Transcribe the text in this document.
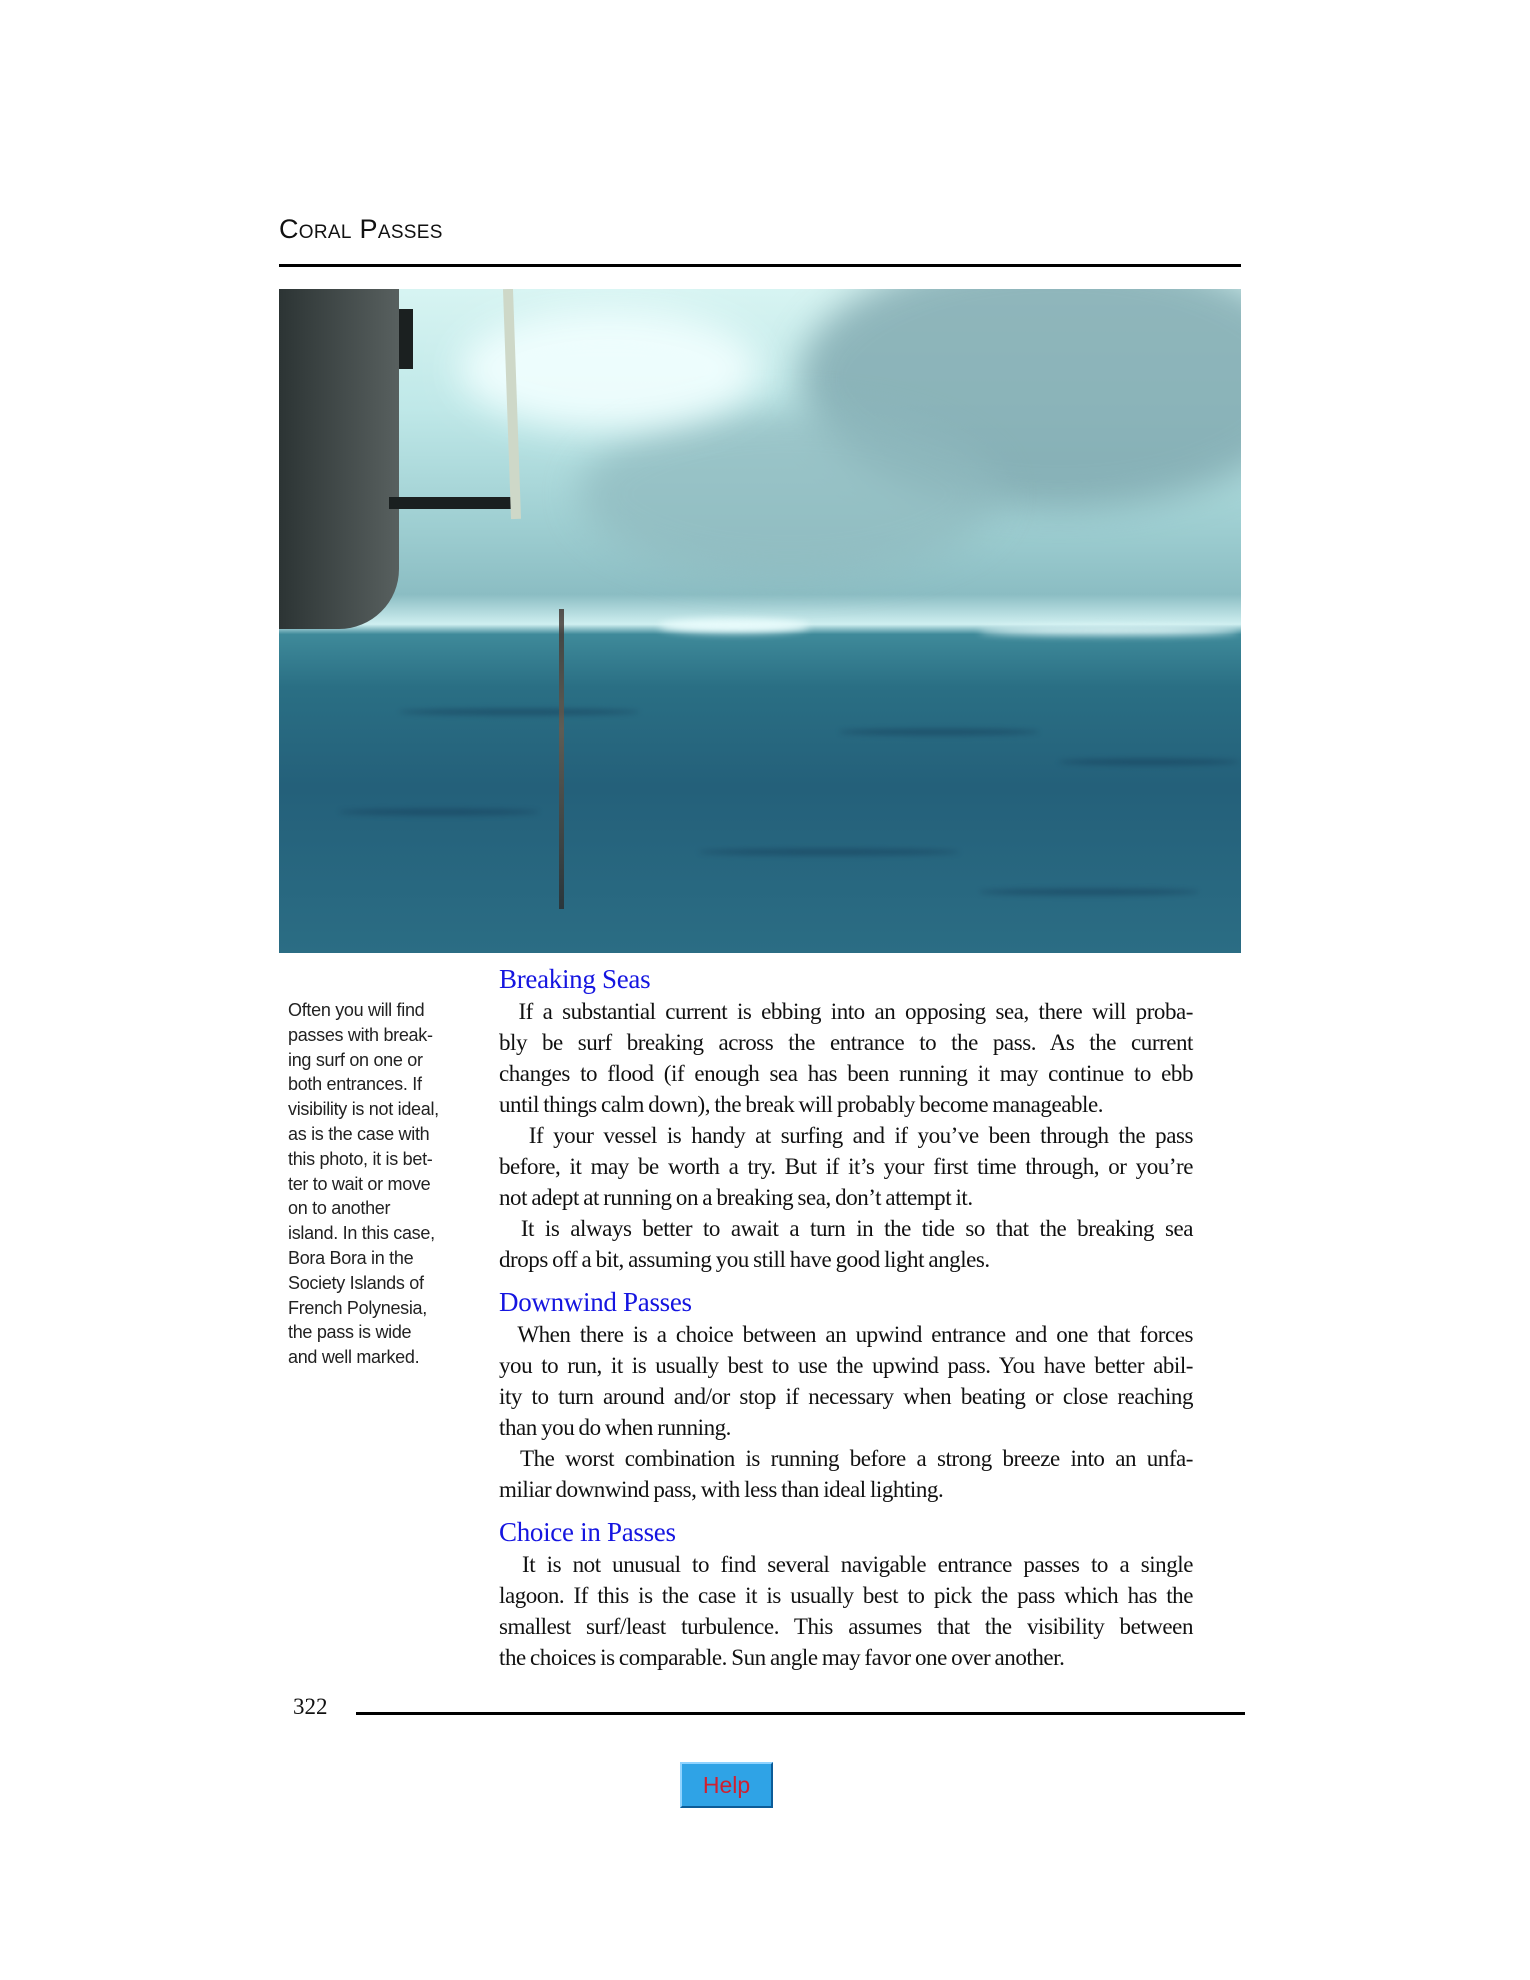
Coral Passes
Often you will find
passes with break-
ing surf on one or
both entrances. If
visibility is not ideal,
as is the case with
this photo, it is bet-
ter to wait or move
on to another
island. In this case,
Bora Bora in the
Society Islands of
French Polynesia,
the pass is wide
and well marked.
Breaking Seas
If a substantial current is ebbing into an opposing sea, there will proba-
bly be surf breaking across the entrance to the pass. As the current
changes to flood (if enough sea has been running it may continue to ebb
until things calm down), the break will probably become manageable.
If your vessel is handy at surfing and if you’ve been through the pass
before, it may be worth a try. But if it’s your first time through, or you’re
not adept at running on a breaking sea, don’t attempt it.
It is always better to await a turn in the tide so that the breaking sea
drops off a bit, assuming you still have good light angles.
Downwind Passes
When there is a choice between an upwind entrance and one that forces
you to run, it is usually best to use the upwind pass. You have better abil-
ity to turn around and/or stop if necessary when beating or close reaching
than you do when running.
The worst combination is running before a strong breeze into an unfa-
miliar downwind pass, with less than ideal lighting.
Choice in Passes
It is not unusual to find several navigable entrance passes to a single
lagoon. If this is the case it is usually best to pick the pass which has the
smallest surf/least turbulence. This assumes that the visibility between
the choices is comparable. Sun angle may favor one over another.
322
Help
